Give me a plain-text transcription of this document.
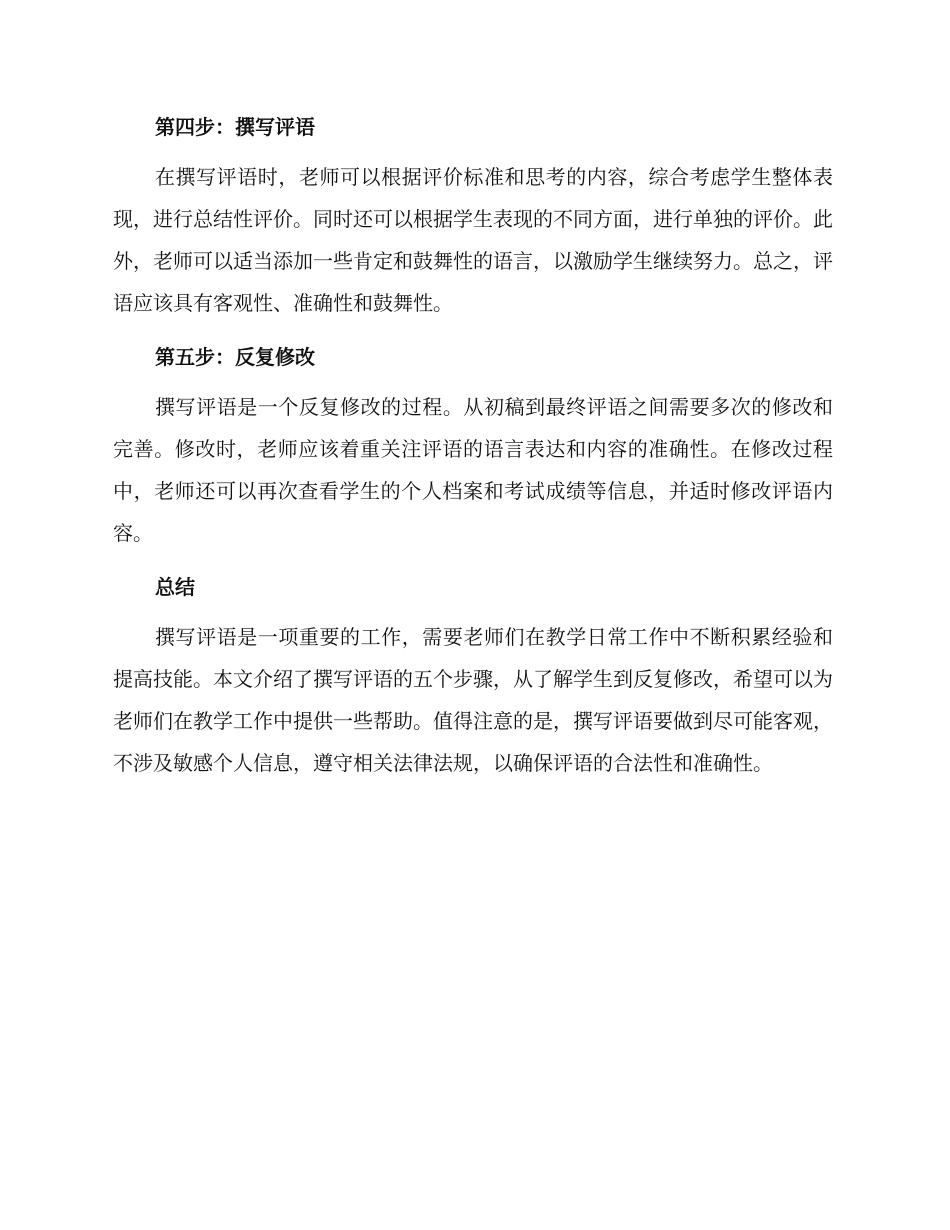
第四步：撰写评语

在撰写评语时，老师可以根据评价标准和思考的内容，综合考虑学生整体表现，进行总结性评价。同时还可以根据学生表现的不同方面，进行单独的评价。此外，老师可以适当添加一些肯定和鼓舞性的语言，以激励学生继续努力。总之，评语应该具有客观性、准确性和鼓舞性。

第五步：反复修改

撰写评语是一个反复修改的过程。从初稿到最终评语之间需要多次的修改和完善。修改时，老师应该着重关注评语的语言表达和内容的准确性。在修改过程中，老师还可以再次查看学生的个人档案和考试成绩等信息，并适时修改评语内容。

总结

撰写评语是一项重要的工作，需要老师们在教学日常工作中不断积累经验和提高技能。本文介绍了撰写评语的五个步骤，从了解学生到反复修改，希望可以为老师们在教学工作中提供一些帮助。值得注意的是，撰写评语要做到尽可能客观，不涉及敏感个人信息，遵守相关法律法规，以确保评语的合法性和准确性。
